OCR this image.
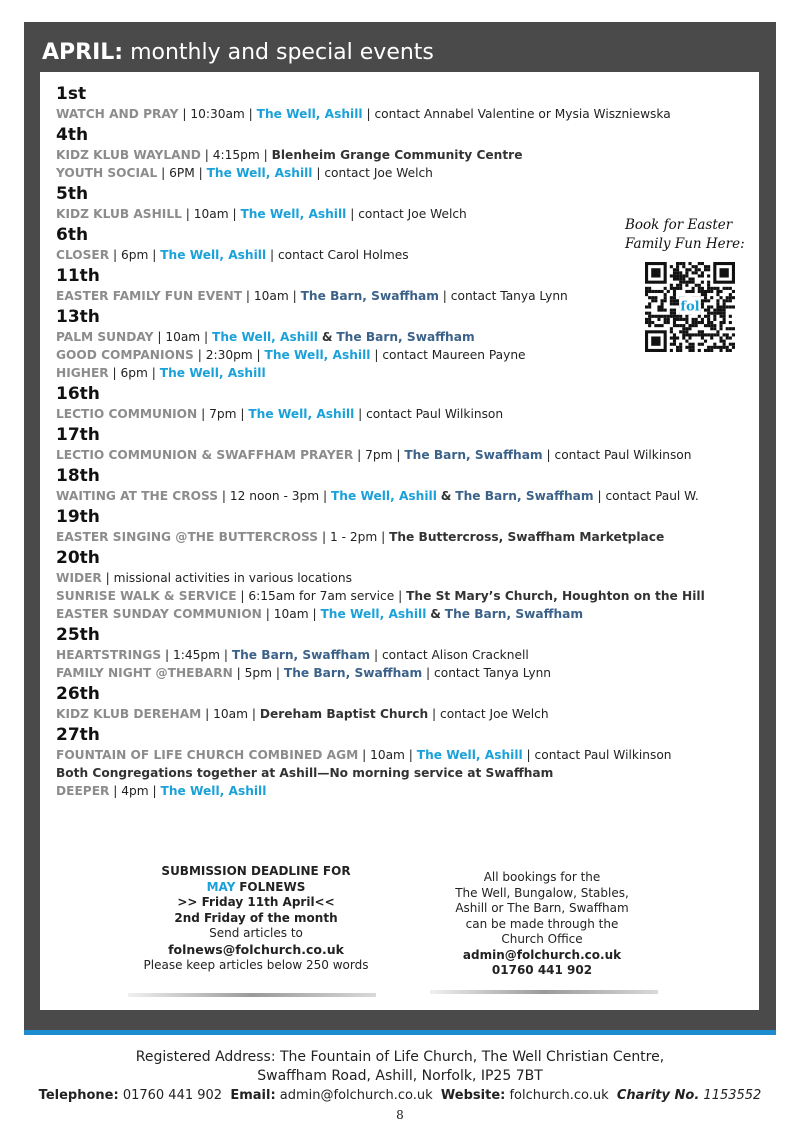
APRIL: monthly and special events
1st
WATCH AND PRAY | 10:30am | The Well, Ashill | contact Annabel Valentine or Mysia Wiszniewska
4th
KIDZ KLUB WAYLAND | 4:15pm | Blenheim Grange Community Centre
YOUTH SOCIAL | 6PM | The Well, Ashill | contact Joe Welch
5th
KIDZ KLUB ASHILL | 10am | The Well, Ashill | contact Joe Welch
6th
CLOSER | 6pm | The Well, Ashill | contact Carol Holmes
11th
EASTER FAMILY FUN EVENT | 10am | The Barn, Swaffham | contact Tanya Lynn
13th
PALM SUNDAY | 10am | The Well, Ashill & The Barn, Swaffham
GOOD COMPANIONS | 2:30pm | The Well, Ashill | contact Maureen Payne
HIGHER | 6pm | The Well, Ashill
16th
LECTIO COMMUNION | 7pm | The Well, Ashill | contact Paul Wilkinson
17th
LECTIO COMMUNION & SWAFFHAM PRAYER | 7pm | The Barn, Swaffham | contact Paul Wilkinson
18th
WAITING AT THE CROSS | 12 noon - 3pm | The Well, Ashill & The Barn, Swaffham | contact Paul W.
19th
EASTER SINGING @THE BUTTERCROSS | 1 - 2pm | The Buttercross, Swaffham Marketplace
20th
WIDER | missional activities in various locations
SUNRISE WALK & SERVICE | 6:15am for 7am service | The St Mary’s Church, Houghton on the Hill
EASTER SUNDAY COMMUNION | 10am | The Well, Ashill & The Barn, Swaffham
25th
HEARTSTRINGS | 1:45pm | The Barn, Swaffham | contact Alison Cracknell
FAMILY NIGHT @THEBARN | 5pm | The Barn, Swaffham | contact Tanya Lynn
26th
KIDZ KLUB DEREHAM | 10am | Dereham Baptist Church | contact Joe Welch
27th
FOUNTAIN OF LIFE CHURCH COMBINED AGM | 10am | The Well, Ashill | contact Paul Wilkinson
Both Congregations together at Ashill—No morning service at Swaffham
DEEPER | 4pm | The Well, Ashill
Book for Easter
Family Fun Here:
fol
SUBMISSION DEADLINE FOR
MAY FOLNEWS
>> Friday 11th April<<
2nd Friday of the month
Send articles to
folnews@folchurch.co.uk
Please keep articles below 250 words
All bookings for the
The Well, Bungalow, Stables,
Ashill or The Barn, Swaffham
can be made through the
Church Office
admin@folchurch.co.uk
01760 441 902
Registered Address: The Fountain of Life Church, The Well Christian Centre,
Swaffham Road, Ashill, Norfolk, IP25 7BT
Telephone: 01760 441 902 Email: admin@folchurch.co.uk Website: folchurch.co.uk Charity No. 1153552
8
